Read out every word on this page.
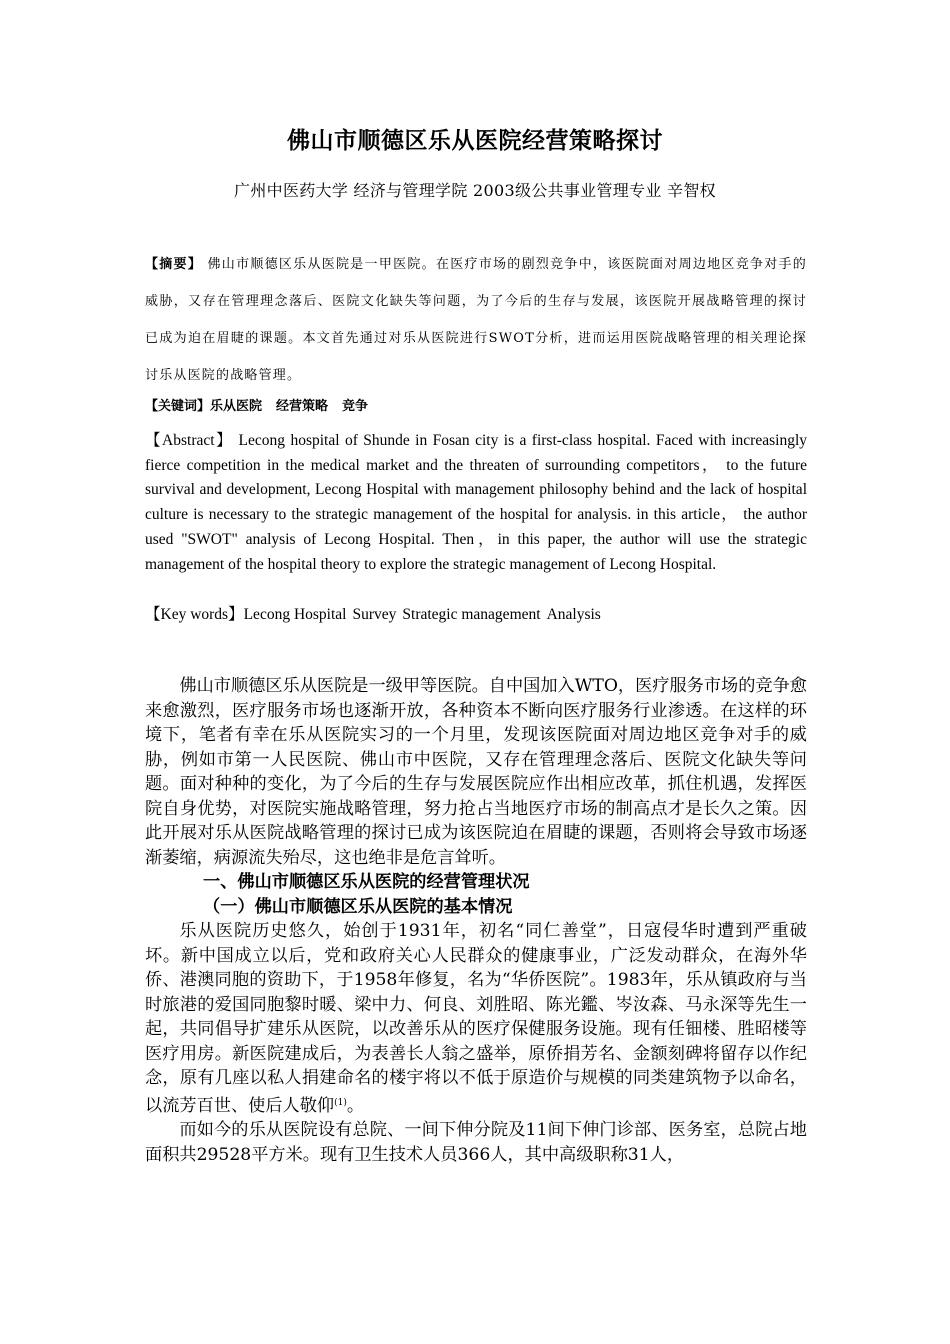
佛山市顺德区乐从医院经营策略探讨
广州中医药大学 经济与管理学院 2003级公共事业管理专业 辛智权
【摘要】 佛山市顺德区乐从医院是一甲医院。在医疗市场的剧烈竞争中，该医院面对周边地区竞争对手的威胁，又存在管理理念落后、医院文化缺失等问题，为了今后的生存与发展，该医院开展战略管理的探讨已成为迫在眉睫的课题。本文首先通过对乐从医院进行SWOT分析，进而运用医院战略管理的相关理论探讨乐从医院的战略管理。
【关键词】乐从医院 经营策略 竞争
【Abstract】 Lecong hospital of Shunde in Fosan city is a first-class hospital. Faced with increasingly fierce competition in the medical market and the threaten of surrounding competitors， to the future survival and development, Lecong Hospital with management philosophy behind and the lack of hospital culture is necessary to the strategic management of the hospital for analysis. in this article， the author used "SWOT" analysis of Lecong Hospital. Then，in this paper, the author will use the strategic management of the hospital theory to explore the strategic management of Lecong Hospital.
【Key words】Lecong Hospital Survey Strategic management Analysis

佛山市顺德区乐从医院是一级甲等医院。自中国加入WTO，医疗服务市场的竞争愈来愈激烈，医疗服务市场也逐渐开放，各种资本不断向医疗服务行业渗透。在这样的环境下，笔者有幸在乐从医院实习的一个月里，发现该医院面对周边地区竞争对手的威胁，例如市第一人民医院、佛山市中医院，又存在管理理念落后、医院文化缺失等问题。面对种种的变化，为了今后的生存与发展医院应作出相应改革，抓住机遇，发挥医院自身优势，对医院实施战略管理，努力抢占当地医疗市场的制高点才是长久之策。因此开展对乐从医院战略管理的探讨已成为该医院迫在眉睫的课题，否则将会导致市场逐渐萎缩，病源流失殆尽，这也绝非是危言耸听。

一、佛山市顺德区乐从医院的经营管理状况
（一）佛山市顺德区乐从医院的基本情况

乐从医院历史悠久，始创于1931年，初名“同仁善堂”，日寇侵华时遭到严重破坏。新中国成立以后，党和政府关心人民群众的健康事业，广泛发动群众，在海外华侨、港澳同胞的资助下，于1958年修复，名为“华侨医院”。1983年，乐从镇政府与当时旅港的爱国同胞黎时暖、梁中力、何良、刘胜昭、陈光鑑、岑汝森、马永深等先生一起，共同倡导扩建乐从医院，以改善乐从的医疗保健服务设施。现有任钿楼、胜昭楼等医疗用房。新医院建成后，为表善长人翁之盛举，原侨捐芳名、金额刻碑将留存以作纪念，原有几座以私人捐建命名的楼宇将以不低于原造价与规模的同类建筑物予以命名，以流芳百世、使后人敬仰$^{(1)}$。

而如今的乐从医院设有总院、一间下伸分院及11间下伸门诊部、医务室，总院占地面积共29528平方米。现有卫生技术人员366人，其中高级职称31人，
